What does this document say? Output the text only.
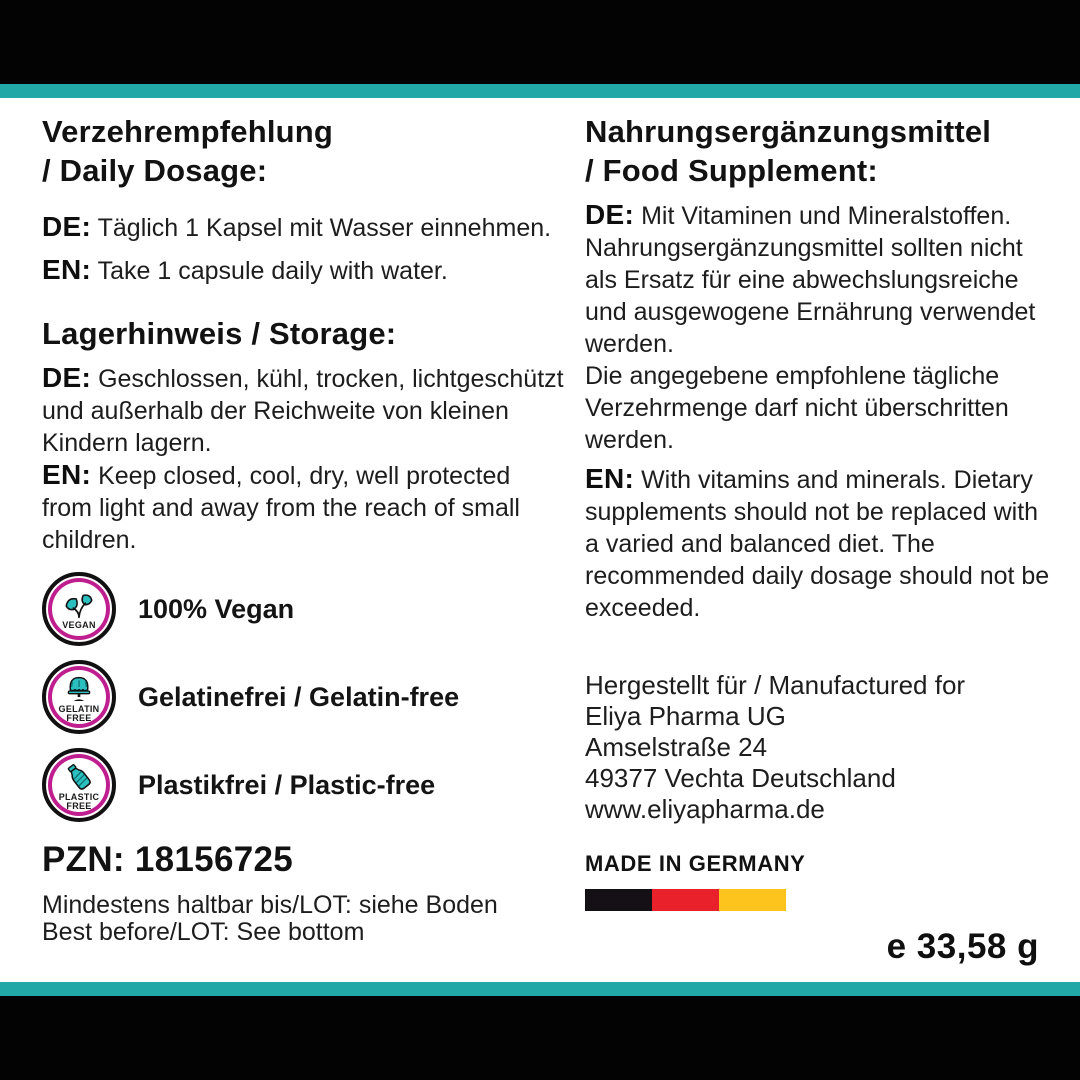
Verzehrempfehlung
/ Daily Dosage:

DE: Täglich 1 Kapsel mit Wasser einnehmen.

EN: Take 1 capsule daily with water.

Lagerhinweis / Storage:

DE: Geschlossen, kühl, trocken, lichtgeschützt und außerhalb der Reichweite von kleinen Kindern lagern.

EN: Keep closed, cool, dry, well protected from light and away from the reach of small children.

VEGAN
100% Vegan
GELATIN FREE
Gelatinefrei / Gelatin-free
PLASTIC FREE
Plastikfrei / Plastic-free
PZN: 18156725

Mindestens haltbar bis/LOT: siehe Boden

Best before/LOT: See bottom

Nahrungsergänzungsmittel
/ Food Supplement:

DE: Mit Vitaminen und Mineralstoffen. Nahrungsergänzungsmittel sollten nicht als Ersatz für eine abwechslungsreiche und ausgewogene Ernährung verwendet werden.

Die angegebene empfohlene tägliche Verzehrmenge darf nicht überschritten werden.

EN: With vitamins and minerals. Dietary supplements should not be replaced with a varied and balanced diet. The recommended daily dosage should not be exceeded.

Hergestellt für / Manufactured for

Eliya Pharma UG

Amselstraße 24

49377 Vechta Deutschland

www.eliyapharma.de

MADE IN GERMANY
e 33,58 g
